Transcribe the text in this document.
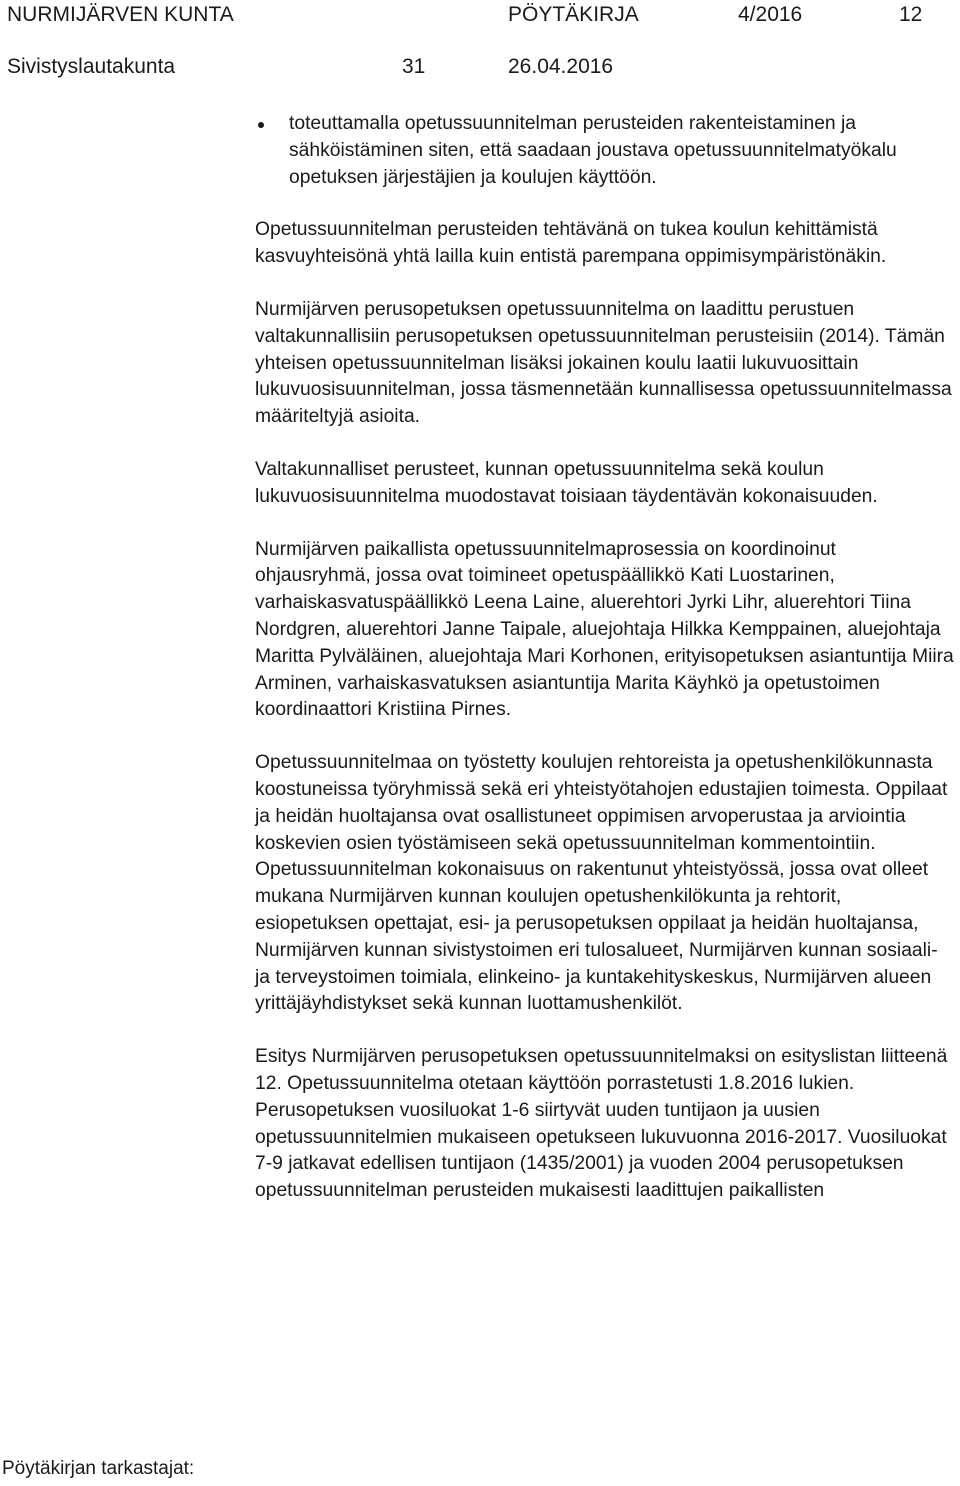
NURMIJÄRVEN KUNTA	PÖYTÄKIRJA	4/2016	12
Sivistyslautakunta	31	26.04.2016
toteuttamalla opetussuunnitelman perusteiden rakenteistaminen ja sähköistäminen siten, että saadaan joustava opetussuunnitelmatyökalu opetuksen järjestäjien ja koulujen käyttöön.

Opetussuunnitelman perusteiden tehtävänä on tukea koulun kehittämistä kasvuyhteisönä yhtä lailla kuin entistä parempana oppimisympäristönäkin.

Nurmijärven perusopetuksen opetussuunnitelma on laadittu perustuen valtakunnallisiin perusopetuksen opetussuunnitelman perusteisiin (2014). Tämän yhteisen opetussuunnitelman lisäksi jokainen koulu laatii lukuvuosittain lukuvuosisuunnitelman, jossa täsmennetään kunnallisessa opetussuunnitelmassa määriteltyjä asioita.

Valtakunnalliset perusteet, kunnan opetussuunnitelma sekä koulun lukuvuosisuunnitelma muodostavat toisiaan täydentävän kokonaisuuden.

Nurmijärven paikallista opetussuunnitelmaprosessia on koordinoinut ohjausryhmä, jossa ovat toimineet opetuspäällikkö Kati Luostarinen, varhaiskasvatuspäällikkö Leena Laine, aluerehtori Jyrki Lihr, aluerehtori Tiina Nordgren, aluerehtori Janne Taipale, aluejohtaja Hilkka Kemppainen, aluejohtaja Maritta Pylväläinen, aluejohtaja Mari Korhonen, erityisopetuksen asiantuntija Miira Arminen, varhaiskasvatuksen asiantuntija Marita Käyhkö ja opetustoimen koordinaattori Kristiina Pirnes.

Opetussuunnitelmaa on työstetty koulujen rehtoreista ja opetushenkilökunnasta koostuneissa työryhmissä sekä eri yhteistyötahojen edustajien toimesta. Oppilaat ja heidän huoltajansa ovat osallistuneet oppimisen arvoperustaa ja arviointia koskevien osien työstämiseen sekä opetussuunnitelman kommentointiin. Opetussuunnitelman kokonaisuus on rakentunut yhteistyössä, jossa ovat olleet mukana Nurmijärven kunnan koulujen opetushenkilökunta ja rehtorit, esiopetuksen opettajat, esi- ja perusopetuksen oppilaat ja heidän huoltajansa, Nurmijärven kunnan sivistystoimen eri tulosalueet, Nurmijärven kunnan sosiaali- ja terveystoimen toimiala, elinkeino- ja kuntakehityskeskus, Nurmijärven alueen yrittäjäyhdistykset sekä kunnan luottamushenkilöt.

Esitys Nurmijärven perusopetuksen opetussuunnitelmaksi on esityslistan liitteenä 12. Opetussuunnitelma otetaan käyttöön porrastetusti 1.8.2016 lukien. Perusopetuksen vuosiluokat 1-6 siirtyvät uuden tuntijaon ja uusien opetussuunnitelmien mukaiseen opetukseen lukuvuonna 2016-2017. Vuosiluokat 7-9 jatkavat edellisen tuntijaon (1435/2001) ja vuoden 2004 perusopetuksen opetussuunnitelman perusteiden mukaisesti laadittujen paikallisten

Pöytäkirjan tarkastajat:
